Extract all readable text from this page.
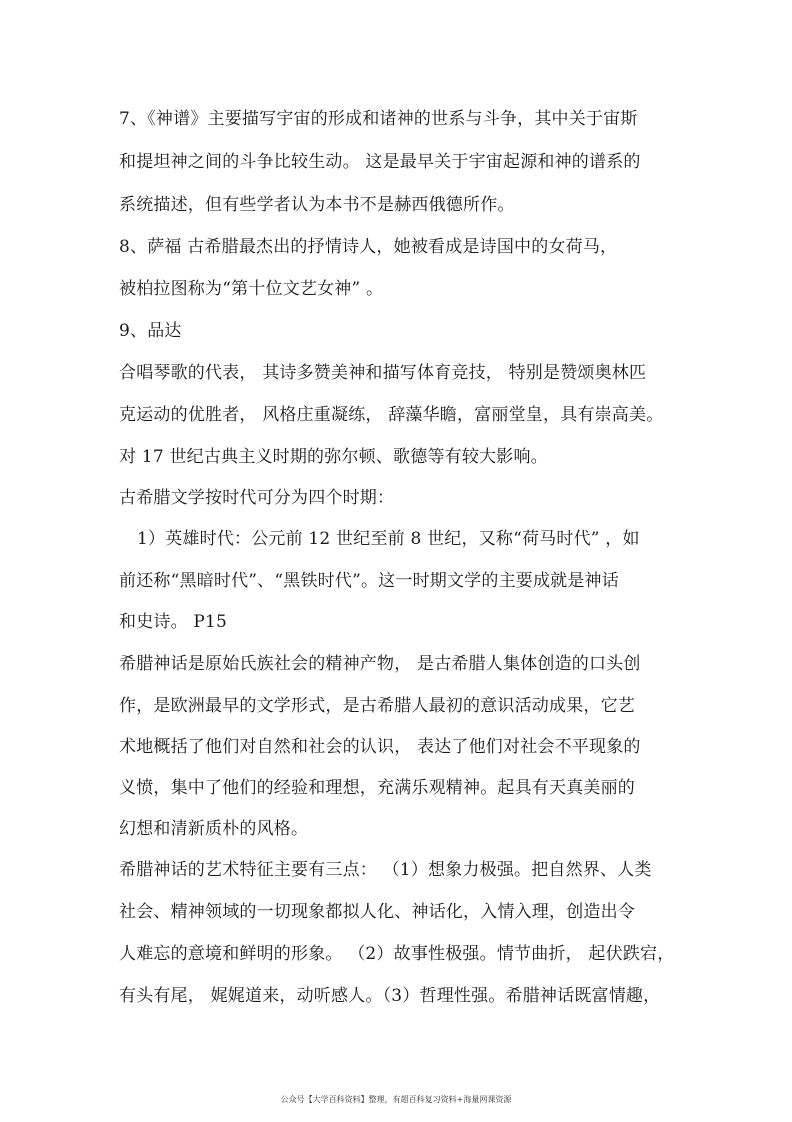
7、《神谱》主要描写宇宙的形成和诸神的世系与斗争，其中关于宙斯
和提坦神之间的斗争比较生动。 这是最早关于宇宙起源和神的谱系的
系统描述，但有些学者认为本书不是赫西俄德所作。
8、萨福 古希腊最杰出的抒情诗人，她被看成是诗国中的女荷马，
被柏拉图称为“第十位文艺女神” 。
9、品达
合唱琴歌的代表， 其诗多赞美神和描写体育竞技， 特别是赞颂奥林匹
克运动的优胜者， 风格庄重凝练， 辞藻华瞻，富丽堂皇，具有崇高美。
对 17 世纪古典主义时期的弥尔顿、歌德等有较大影响。
古希腊文学按时代可分为四个时期：
1）英雄时代：公元前 12 世纪至前 8 世纪，又称“荷马时代” ，如
前还称“黑暗时代”、“黑铁时代”。这一时期文学的主要成就是神话
和史诗。 P15
希腊神话是原始氏族社会的精神产物， 是古希腊人集体创造的口头创
作，是欧洲最早的文学形式，是古希腊人最初的意识活动成果，它艺
术地概括了他们对自然和社会的认识， 表达了他们对社会不平现象的
义愤，集中了他们的经验和理想，充满乐观精神。起具有天真美丽的
幻想和清新质朴的风格。
希腊神话的艺术特征主要有三点： （1）想象力极强。把自然界、人类
社会、精神领域的一切现象都拟人化、神话化，入情入理，创造出令
人难忘的意境和鲜明的形象。 （2）故事性极强。情节曲折， 起伏跌宕，
有头有尾， 娓娓道来，动听感人。（3）哲理性强。希腊神话既富情趣，
公众号【大学百科资料】整理，有超百科复习资料+海量网课资源
